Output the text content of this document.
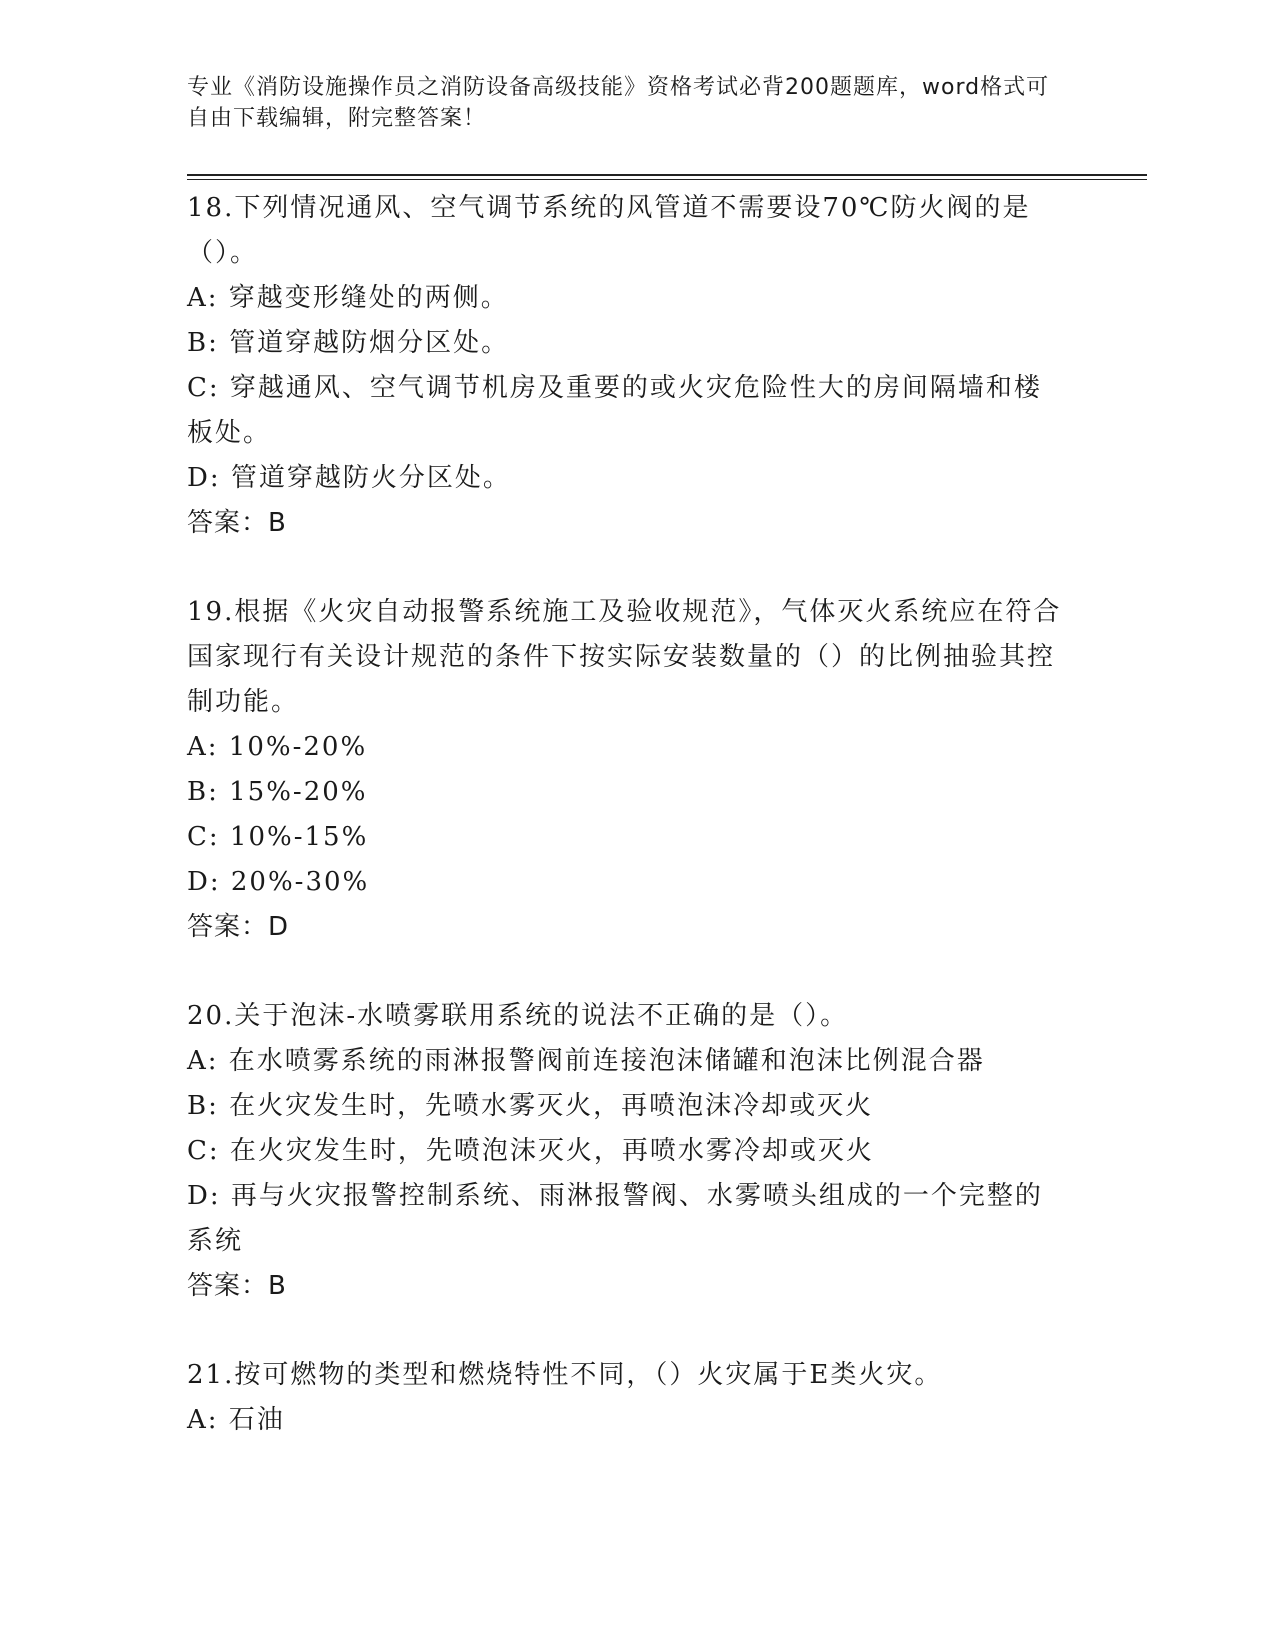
专业《消防设施操作员之消防设备高级技能》资格考试必背200题题库，word格式可自由下载编辑，附完整答案！

18.下列情况通风、空气调节系统的风管道不需要设70℃防火阀的是（）。

A: 穿越变形缝处的两侧。

B: 管道穿越防烟分区处。

C: 穿越通风、空气调节机房及重要的或火灾危险性大的房间隔墙和楼板处。

D: 管道穿越防火分区处。

答案：B

19.根据《火灾自动报警系统施工及验收规范》，气体灭火系统应在符合国家现行有关设计规范的条件下按实际安装数量的（）的比例抽验其控制功能。

A: 10%-20%

B: 15%-20%

C: 10%-15%

D: 20%-30%

答案：D

20.关于泡沫-水喷雾联用系统的说法不正确的是（）。

A: 在水喷雾系统的雨淋报警阀前连接泡沫储罐和泡沫比例混合器

B: 在火灾发生时，先喷水雾灭火，再喷泡沫冷却或灭火

C: 在火灾发生时，先喷泡沫灭火，再喷水雾冷却或灭火

D: 再与火灾报警控制系统、雨淋报警阀、水雾喷头组成的一个完整的系统

答案：B

21.按可燃物的类型和燃烧特性不同，（）火灾属于E类火灾。

A: 石油
